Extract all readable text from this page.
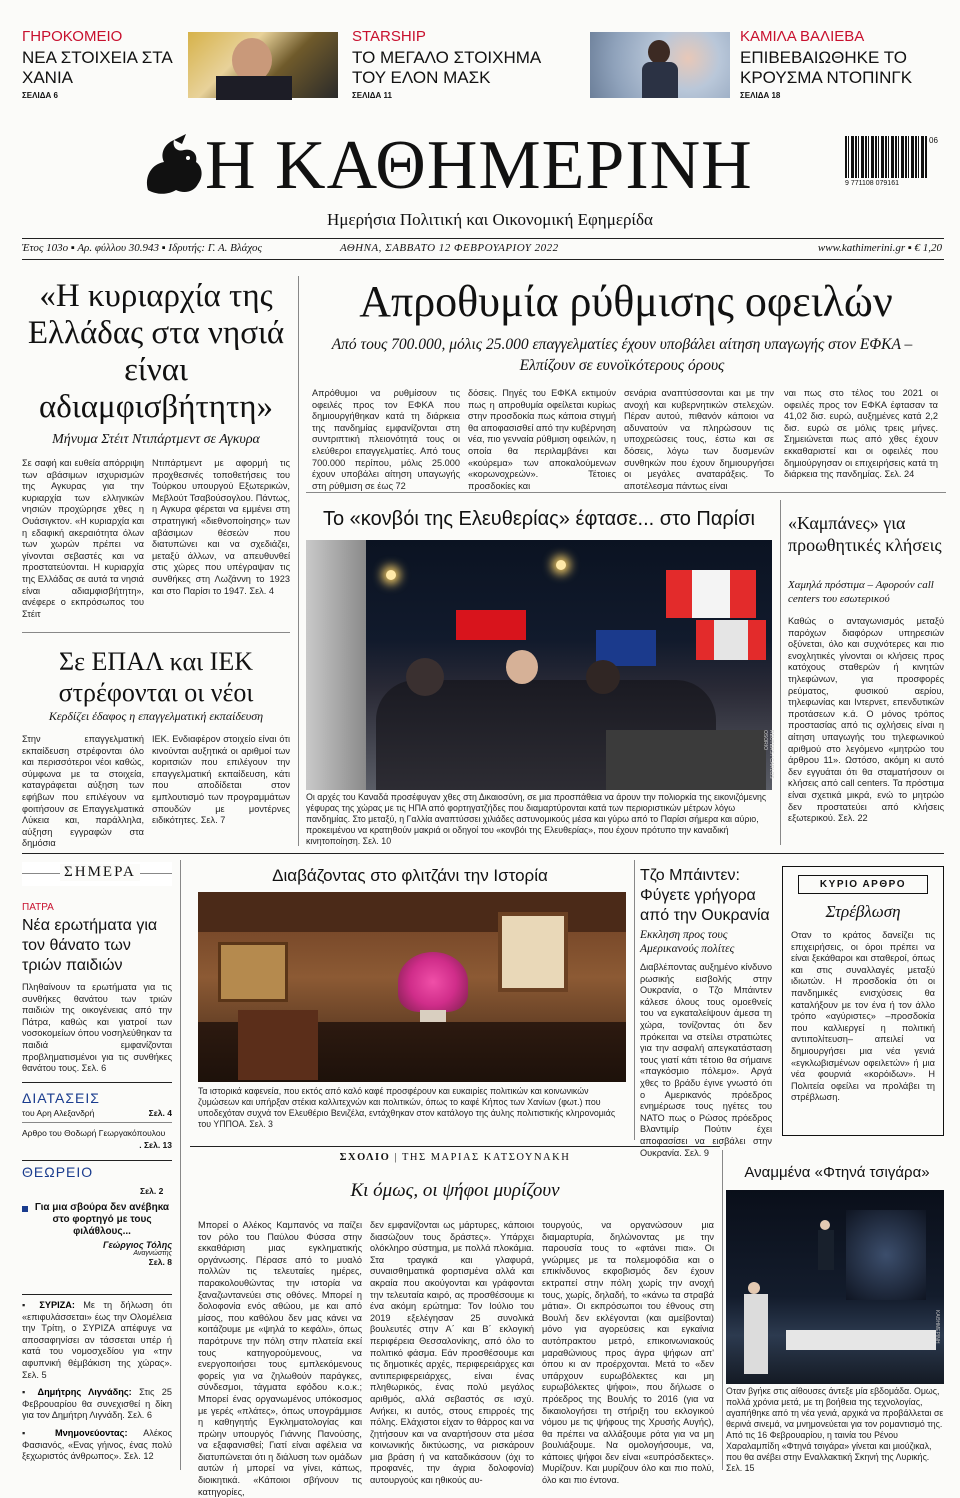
ΓΗΡΟΚΟΜΕΙΟ
ΝΕΑ ΣΤΟΙΧΕΙΑ ΣΤΑ ΧΑΝΙΑ
ΣΕΛΙΔΑ 6
STARSHIP
ΤΟ ΜΕΓΑΛΟ ΣΤΟΙΧΗΜΑ ΤΟΥ ΕΛΟΝ ΜΑΣΚ
ΣΕΛΙΔΑ 11
ΚΑΜΙΛΑ ΒΑΛΙΕΒΑ
ΕΠΙΒΕΒΑΙΩΘΗΚΕ ΤΟ ΚΡΟΥΣΜΑ ΝΤΟΠΙΝΓΚ
ΣΕΛΙΔΑ 18
Η ΚΑΘΗΜΕΡΙΝΗ
Ημερήσια Πολιτική και Οικονομική Εφημερίδα
06
9 771108 079161
Έτος 103ο ▪ Αρ. φύλλου 30.943 ▪ Ιδρυτής: Γ. Α. Βλάχος	ΑΘΗΝΑ, ΣΑΒΒΑΤΟ 12 ΦΕΒΡΟΥΑΡΙΟΥ 2022	www.kathimerini.gr ▪ € 1,20
«Η κυριαρχία της Ελλάδας στα νησιά είναι αδιαμφισβήτητη»
Μήνυμα Στέιτ Ντιπάρτμεντ σε Αγκυρα
Σε σαφή και ευθεία απόρριψη των αβάσιμων ισχυρισμών της Αγκυρας για την κυριαρχία των ελληνικών νησιών προχώρησε χθες η Ουάσιγκτον. «Η κυριαρχία και η εδαφική ακεραιότητα όλων των χωρών πρέπει να γίνονται σεβαστές και να προστατεύονται. Η κυριαρχία της Ελλάδας σε αυτά τα νησιά είναι αδιαμφισβήτητη», ανέφερε ο εκπρόσωπος του Στέιτ
Ντιπάρτμεντ με αφορμή τις προχθεσινές τοποθετήσεις του Τούρκου υπουργού Εξωτερικών, Μεβλούτ Τσαβούσογλου. Πάντως, η Αγκυρα φέρεται να εμμένει στη στρατηγική «διεθνοποίησης» των αβάσιμων θέσεών που διατυπώνει και να σχεδιάζει, μεταξύ άλλων, να απευθυνθεί στις χώρες που υπέγραψαν τις συνθήκες στη Λωζάννη το 1923 και στο Παρίσι το 1947. Σελ. 4
Σε ΕΠΑΛ και ΙΕΚ στρέφονται οι νέοι
Κερδίζει έδαφος η επαγγελματική εκπαίδευση
Στην επαγγελματική εκπαίδευση στρέφονται όλο και περισσότεροι νέοι καθώς, σύμφωνα με τα στοιχεία, καταγράφεται αύξηση των εφήβων που επιλέγουν να φοιτήσουν σε Επαγγελματικά Λύκεια και, παράλληλα, αύξηση εγγραφών στα δημόσια
ΙΕΚ. Ενδιαφέρον στοιχείο είναι ότι κινούνται αυξητικά οι αριθμοί των κοριτσιών που επιλέγουν την επαγγελματική εκπαίδευση, κάτι που αποδίδεται στον εμπλουτισμό των προγραμμάτων σπουδών με μοντέρνες ειδικότητες. Σελ. 7
Απροθυμία ρύθμισης οφειλών
Από τους 700.000, μόλις 25.000 επαγγελματίες έχουν υποβάλει αίτηση υπαγωγής στον ΕΦΚΑ – Ελπίζουν σε ευνοϊκότερους όρους
Απρόθυμοι να ρυθμίσουν τις οφειλές προς τον ΕΦΚΑ που δημιουργήθηκαν κατά τη διάρκεια της πανδημίας εμφανίζονται στη συντριπτική πλειονότητά τους οι ελεύθεροι επαγγελματίες. Από τους 700.000 περίπου, μόλις 25.000 έχουν υποβάλει αίτηση υπαγωγής στη ρύθμιση σε έως 72
δόσεις. Πηγές του ΕΦΚΑ εκτιμούν πως η απροθυμία οφείλεται κυρίως στην προσδοκία πως κάποια στιγμή θα αποφασισθεί από την κυβέρνηση νέα, πιο γενναία ρύθμιση οφειλών, η οποία θα περιλαμβάνει και «κούρεμα» των αποκαλούμενων «κορωνοχρεών». Τέτοιες προσδοκίες και
σενάρια αναπτύσσονται και με την ανοχή και κυβερνητικών στελεχών. Πέραν αυτού, πιθανόν κάποιοι να αδυνατούν να πληρώσουν τις υποχρεώσεις τους, έστω και σε δόσεις, λόγω των δυσμενών συνθηκών που έχουν δημιουργήσει οι μεγάλες αναταράξεις. Το αποτέλεσμα πάντως είναι
ναι πως στο τέλος του 2021 οι οφειλές προς τον ΕΦΚΑ έφτασαν τα 41,02 δισ. ευρώ, αυξημένες κατά 2,2 δισ. ευρώ σε μόλις τρεις μήνες. Σημειώνεται πως από χθες έχουν εκκαθαριστεί και οι οφειλές που δημιούργησαν οι επιχειρήσεις κατά τη διάρκεια της πανδημίας. Σελ. 24
Το «κονβόι της Ελευθερίας» έφτασε... στο Παρίσι
REUTERS / CARLOS OSORIO
Οι αρχές του Καναδά προσέφυγαν χθες στη Δικαιοσύνη, σε μια προσπάθεια να άρουν την πολιορκία της εικονιζόμενης γέφυρας της χώρας με τις ΗΠΑ από φορτηγατζήδες που διαμαρτύρονται κατά των περιοριστικών μέτρων λόγω πανδημίας. Στο μεταξύ, η Γαλλία αναπτύσσει χιλιάδες αστυνομικούς μέσα και γύρω από το Παρίσι σήμερα και αύριο, προκειμένου να κρατηθούν μακριά οι οδηγοί του «κονβόι της Ελευθερίας», που έχουν πρότυπο την καναδική κινητοποίηση. Σελ. 10
«Καμπάνες» για προωθητικές κλήσεις
Χαμηλά πρόστιμα – Αφορούν call centers του εσωτερικού
Καθώς ο ανταγωνισμός μεταξύ παρόχων διαφόρων υπηρεσιών οξύνεται, όλο και συχνότερες και πιο ενοχλητικές γίνονται οι κλήσεις προς κατόχους σταθερών ή κινητών τηλεφώνων, για προσφορές ρεύματος, φυσικού αερίου, τηλεφωνίας και Ιντερνετ, επενδυτικών προτάσεων κ.ά. Ο μόνος τρόπος προστασίας από τις οχλήσεις είναι η αίτηση υπαγωγής του τηλεφωνικού αριθμού στο λεγόμενο «μητρώο του άρθρου 11». Ωστόσο, ακόμη κι αυτό δεν εγγυάται ότι θα σταματήσουν οι κλήσεις από call centers. Τα πρόστιμα είναι σχετικά μικρά, ενώ το μητρώο δεν προστατεύει από κλήσεις εξωτερικού. Σελ. 22
ΣΗΜΕΡΑ
ΠΑΤΡΑ
Νέα ερωτήματα για τον θάνατο των τριών παιδιών
Πληθαίνουν τα ερωτήματα για τις συνθήκες θανάτου των τριών παιδιών της οικογένειας από την Πάτρα, καθώς και γιατροί των νοσοκομείων όπου νοσηλεύθηκαν τα παιδιά εμφανίζονται προβληματισμένοι για τις συνθήκες θανάτου τους. Σελ. 6
ΔΙΑΤΑΣΕΙΣ
του Αρη Αλεξανδρή	Σελ. 4
Αρθρο του Θοδωρή Γεωργακόπουλου
. Σελ. 13
ΘΕΩΡΕΙΟ
Σελ. 2
Για μια σβούρα δεν ανέβηκα στο φορτηγό με τους φιλάθλους...
Γεώργιος Τόλης
Αναγνώστης
Σελ. 8
▪ ΣΥΡΙΖΑ: Με τη δήλωση ότι «επιφυλάσσεται» έως την Ολομέλεια την Τρίτη, ο ΣΥΡΙΖΑ απέφυγε να αποσαφηνίσει αν τάσσεται υπέρ ή κατά του νομοσχεδίου για «την αφυπνική θέμβάκιση της χώρας». Σελ. 5
▪ Δημήτρης Λιγνάδης: Στις 25 Φεβρουαρίου θα συνεχισθεί η δίκη για τον Δημήτρη Λιγνάδη. Σελ. 6
▪ Μνημονεύοντας: Αλέκος Φασιανός, «Ενας γήινος, ένας πολύ ξεχωριστός άνθρωπος». Σελ. 12
Διαβάζοντας στο φλιτζάνι την Ιστορία
Τα ιστορικά καφενεία, που εκτός από καλό καφέ προσφέρουν και ευκαιρίες πολιτικών και κοινωνικών ζυμώσεων και υπήρξαν στέκια καλλιτεχνών και πολιτικών, όπως το καφέ Κήπος των Χανίων (φωτ.) που υποδεχόταν συχνά τον Ελευθέριο Βενιζέλα, εντάχθηκαν στον κατάλογο της άυλης πολιτιστικής κληρονομιάς του ΥΠΠΟΑ. Σελ. 3
Τζο Μπάιντεν: Φύγετε γρήγορα από την Ουκρανία
Εκκληση προς τους Αμερικανούς πολίτες
Διαβλέποντας αυξημένο κίνδυνο ρωσικής εισβολής στην Ουκρανία, ο Τζο Μπάιντεν κάλεσε όλους τους ομοεθνείς του να εγκαταλείψουν άμεσα τη χώρα, τονίζοντας ότι δεν πρόκειται να στείλει στρατιώτες για την ασφαλή απεγκατάσταση τους γιατί κάτι τέτοιο θα σήμαινε «παγκόσμιο πόλεμο». Αργά χθες το βράδυ έγινε γνωστό ότι ο Αμερικανός πρόεδρος ενημέρωσε τους ηγέτες του ΝΑΤΟ πως ο Ρώσος πρόεδρος Βλαντιμίρ Πούτιν έχει αποφασίσει να εισβάλει στην Ουκρανία. Σελ. 9
ΚΥΡΙΟ ΑΡΘΡΟ
Στρέβλωση
Οταν το κράτος δανείζει τις επιχειρήσεις, οι όροι πρέπει να είναι ξεκάθαροι και σταθεροί, όπως και στις συναλλαγές μεταξύ ιδιωτών. Η προσδοκία ότι οι πανδημικές ενισχύσεις θα καταλήξουν με τον ένα ή τον άλλο τρόπο «αγύριστες» –προσδοκία που καλλιεργεί η πολιτική αντιπολίτευση– απειλεί να δημιουργήσει μια νέα γενιά «εγκλωβισμένων οφειλετών» ή μια νέα φουρνιά «κορόιδων». Η Πολιτεία οφείλει να προλάβει τη στρέβλωση.
ΣΧΟΛΙΟ | ΤΗΣ ΜΑΡΙΑΣ ΚΑΤΣΟΥΝΑΚΗ
Κι όμως, οι ψήφοι μυρίζουν
Μπορεί ο Αλέκος Καμπανός να παίζει τον ρόλο του Παύλου Φύσσα στην εκκαθάριση μιας εγκληματικής οργάνωσης. Πέρασε από το μυαλό πολλών τις τελευταίες ημέρες, παρακολουθώντας την ιστορία να ξαναζωντανεύει στις οθόνες. Μπορεί η δολοφονία ενός αθώου, με και από μίσος, που καθόλου δεν μας κάνει να κοιτάζουμε με «ψηλά το κεφάλι», όπως παρότρυνε την πόλη στην πλατεία εκεί τους κατηγορούμενους, να ενεργοποιήσει τους εμπλεκόμενους φορείς για να ζηλωθούν παράγκες, σύνδεσμοι, τάγματα εφόδου κ.ο.κ.; Μπορεί ένας οργανωμένος υπόκοσμος με γερές «πλάτες», όπως υπογράμμισε η καθηγητής Εγκληματολογίας και πρώην υπουργός Γιάννης Πανούσης, να εξαφανισθεί; Γιατί είναι αφέλεια να διατυπώνεται ότι η διάλυση των ομάδων αυτών ή μπορεί να γίνει, κάπως, διοικητικά. «Κάποιοι σβήνουν τις κατηγορίες,
δεν εμφανίζονται ως μάρτυρες, κάποιοι διασώζουν τους δράστες». Υπάρχει ολόκληρο σύστημα, με πολλά πλοκάμια. Στα τραγικά και γλαφυρά, συναισθηματικά φορτισμένα αλλά και ακραία που ακούγονται και γράφονται την τελευταία καιρό, ας προσθέσουμε κι ένα ακόμη ερώτημα: Τον Ιούλιο του 2019 εξελέγησαν 25 συνολικά βουλευτές στην Α΄ και Β΄ εκλογική περιφέρεια Θεσσαλονίκης, από όλο το πολιτικό φάσμα. Εάν προσθέσουμε και τις δημοτικές αρχές, περιφερειάρχες και αντιπεριφερειάρχες, είναι ένας πληθωρικός, ένας πολύ μεγάλος αριθμός, αλλά σεβαστός σε ισχύ. Ανήκει, κι αυτός, στους επιρροές της πόλης. Ελάχιστοι είχαν το θάρρος και να ζητήσουν και να αναρτήσουν στα μέσα κοινωνικής δικτύωσης, να ρισκάρουν μια βράση ή να καταδικάσουν (όχι το προφανές, την άγρια δολοφονία) αυτουργούς και ηθικούς αυ-
τουργούς, να οργανώσουν μια διαμαρτυρία, δηλώνοντας με την παρουσία τους το «φτάνει πια». Οι γνώριμες με τα πολεμοφόδια και ο επικίνδυνος εκφοβισμός δεν έχουν εκτραπεί στην πόλη χωρίς την ανοχή τους, χωρίς, δηλαδή, το «κάνω τα στραβά μάτια». Οι εκπρόσωποι του έθνους στη Βουλή δεν εκλέγονται (και αμείβονται) μόνο για αγορεύσεις και εγκαίνια αυτόπρακτου μετρό, επικοινωνιακούς μαραθώνιους προς άγρα ψήφων απ' όπου κι αν προέρχονται. Μετά το «δεν υπάρχουν ευρωβόλεκτες και μη ευρωβόλεκτες ψήφοι», που δήλωσε ο πρόεδρος της Βουλής το 2016 (για να δικαιολογήσει τη στήριξη του εκλογικού νόμου με τις ψήφους της Χρυσής Αυγής), θα πρέπει να αλλάξουμε ρότα για να μη βουλιάξουμε. Να ομολογήσουμε, να, κάποιες ψήφοι δεν είναι «ευπρόσδεκτες». Μυρίζουν. Και μυρίζουν όλο και πιο πολύ, όλο και πιο έντονα.
Αναμμένα «Φτηνά τσιγάρα»
ΚΑΘΗΜΕΡΙΝΗ
Οταν βγήκε στις αίθουσες άντεξε μία εβδομάδα. Ομως, πολλά χρόνια μετά, με τη βοήθεια της τεχνολογίας, αγαπήθηκε από τη νέα γενιά, αρχικά να προβάλλεται σε θερινά σινεμά, να μνημονεύεται για τον ρομαντισμό της. Από τις 16 Φεβρουαρίου, η ταινία του Ρένου Χαραλαμπίδη «Φτηνά τσιγάρα» γίνεται και μιούζικαλ, που θα ανέβει στην Εναλλακτική Σκηνή της Λυρικής. Σελ. 15
